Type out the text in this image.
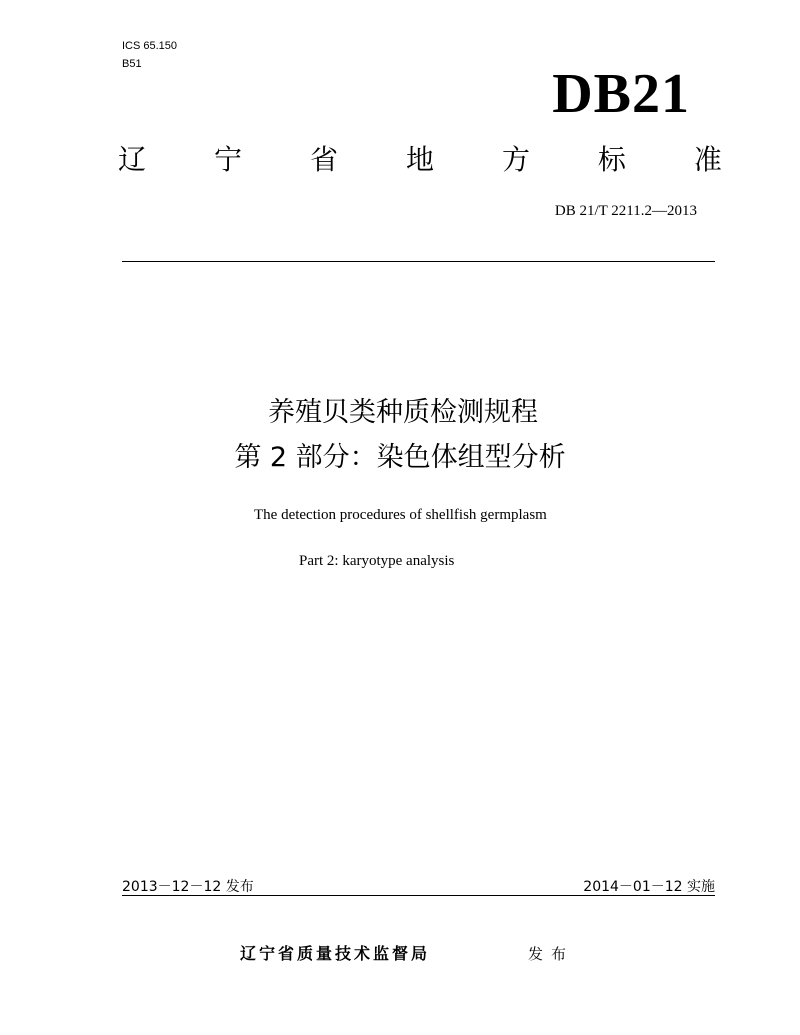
ICS 65.150
B51	DB21
辽 宁 省 地 方 标 准
DB 21/T 2211.2—2013
养殖贝类种质检测规程
第 2 部分：染色体组型分析
The detection procedures of shellfish germplasm
Part 2: karyotype analysis
2013－12－12 发布	2014－01－12 实施
辽宁省质量技术监督局	发布
